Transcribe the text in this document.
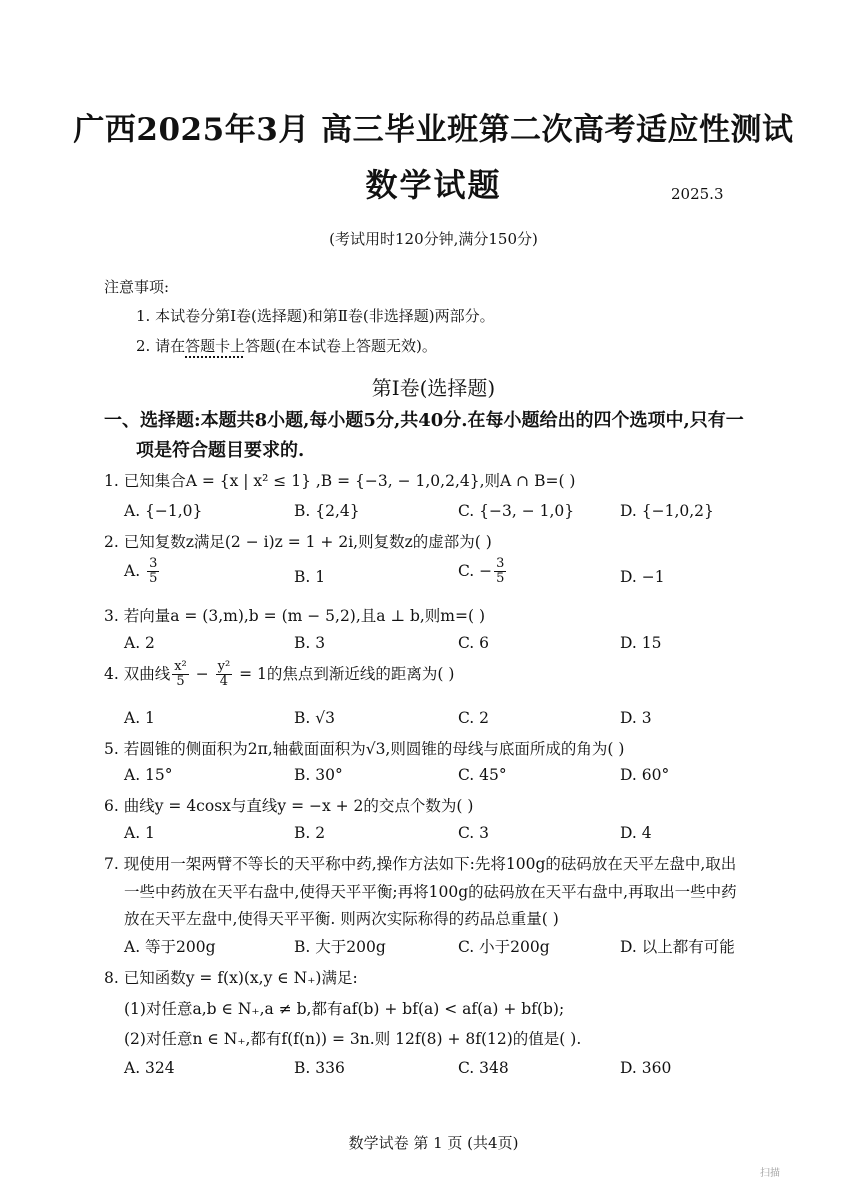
广西2025年3月 高三毕业班第二次高考适应性测试
数学试题	2025.3
(考试用时120分钟,满分150分)
注意事项:
1. 本试卷分第Ⅰ卷(选择题)和第Ⅱ卷(非选择题)两部分。
2. 请在答题卡上答题(在本试卷上答题无效)。
第Ⅰ卷(选择题)
一、选择题:本题共8小题,每小题5分,共40分.在每小题给出的四个选项中,只有一
项是符合题目要求的.
1. 已知集合A = {x | x² ≤ 1} ,B = {−3, − 1,0,2,4},则A ∩ B=( )
A. {−1,0}	B. {2,4}	C. {−3, − 1,0}	D. {−1,0,2}
2. 已知复数z满足(2 − i)z = 1 + 2i,则复数z的虚部为( )
A. $\frac{3}{5}$	B. 1	C. − $\frac{3}{5}$	D. −1
3. 若向量a = (3,m),b = (m − 5,2),且a ⊥ b,则m=( )
A. 2	B. 3	C. 6	D. 15
4. 双曲线 $\frac{\text{x²}}{5} - \frac{\text{y²}}{4} = 1$的焦点到渐近线的距离为( )
A. 1	B. √3	C. 2	D. 3
5. 若圆锥的侧面积为2π,轴截面面积为√3,则圆锥的母线与底面所成的角为( )
A. 15°	B. 30°	C. 45°	D. 60°
6. 曲线y = 4cosx与直线y = −x + 2的交点个数为( )
A. 1	B. 2	C. 3	D. 4
7. 现使用一架两臂不等长的天平称中药,操作方法如下:先将100g的砝码放在天平左盘中,取出
一些中药放在天平右盘中,使得天平平衡;再将100g的砝码放在天平右盘中,再取出一些中药
放在天平左盘中,使得天平平衡. 则两次实际称得的药品总重量( )
A. 等于200g	B. 大于200g	C. 小于200g	D. 以上都有可能
8. 已知函数y = f(x)(x,y ∈ N₊)满足:
(1)对任意a,b ∈ N₊,a ≠ b,都有af(b) + bf(a) < af(a) + bf(b);
(2)对任意n ∈ N₊,都有f(f(n)) = 3n.则 12f(8) + 8f(12)的值是( ).
A. 324	B. 336	C. 348	D. 360
数学试卷 第 1 页 (共4页)
扫描
